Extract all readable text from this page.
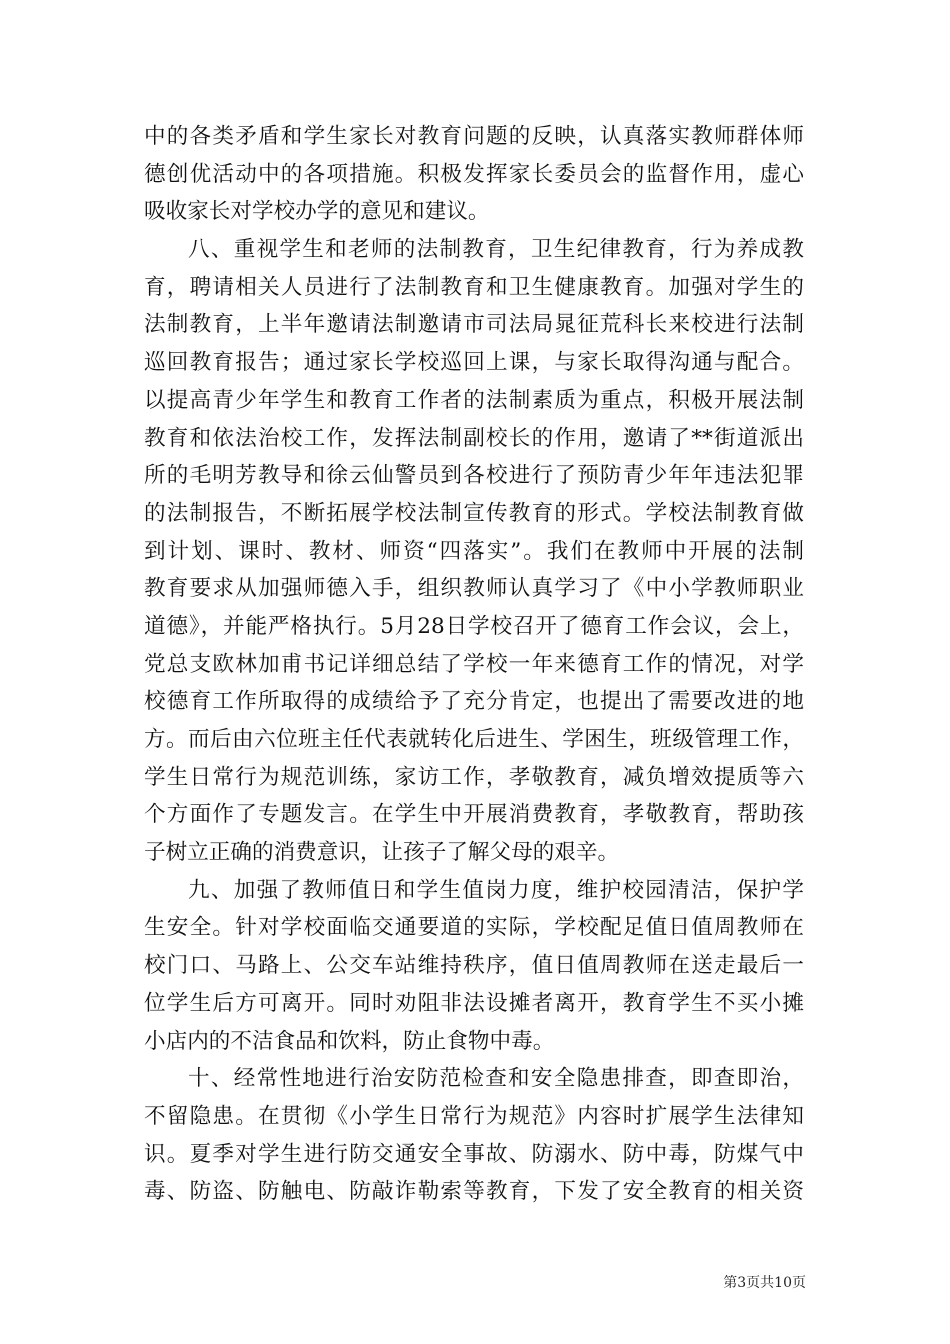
中的各类矛盾和学生家长对教育问题的反映，认真落实教师群体师
德创优活动中的各项措施。积极发挥家长委员会的监督作用，虚心
吸收家长对学校办学的意见和建议。
八、重视学生和老师的法制教育，卫生纪律教育，行为养成教
育，聘请相关人员进行了法制教育和卫生健康教育。加强对学生的
法制教育，上半年邀请法制邀请市司法局晁征荒科长来校进行法制
巡回教育报告；通过家长学校巡回上课，与家长取得沟通与配合。
以提高青少年学生和教育工作者的法制素质为重点，积极开展法制
教育和依法治校工作，发挥法制副校长的作用，邀请了**街道派出
所的毛明芳教导和徐云仙警员到各校进行了预防青少年年违法犯罪
的法制报告，不断拓展学校法制宣传教育的形式。学校法制教育做
到计划、课时、教材、师资“四落实”。我们在教师中开展的法制
教育要求从加强师德入手，组织教师认真学习了《中小学教师职业
道德》，并能严格执行。5月28日学校召开了德育工作会议，会上，
党总支欧林加甫书记详细总结了学校一年来德育工作的情况，对学
校德育工作所取得的成绩给予了充分肯定，也提出了需要改进的地
方。而后由六位班主任代表就转化后进生、学困生，班级管理工作，
学生日常行为规范训练，家访工作，孝敬教育，减负增效提质等六
个方面作了专题发言。在学生中开展消费教育，孝敬教育，帮助孩
子树立正确的消费意识，让孩子了解父母的艰辛。
九、加强了教师值日和学生值岗力度，维护校园清洁，保护学
生安全。针对学校面临交通要道的实际，学校配足值日值周教师在
校门口、马路上、公交车站维持秩序，值日值周教师在送走最后一
位学生后方可离开。同时劝阻非法设摊者离开，教育学生不买小摊
小店内的不洁食品和饮料，防止食物中毒。
十、经常性地进行治安防范检查和安全隐患排查，即查即治，
不留隐患。在贯彻《小学生日常行为规范》内容时扩展学生法律知
识。夏季对学生进行防交通安全事故、防溺水、防中毒，防煤气中
毒、防盗、防触电、防敲诈勒索等教育，下发了安全教育的相关资
第3页共10页
